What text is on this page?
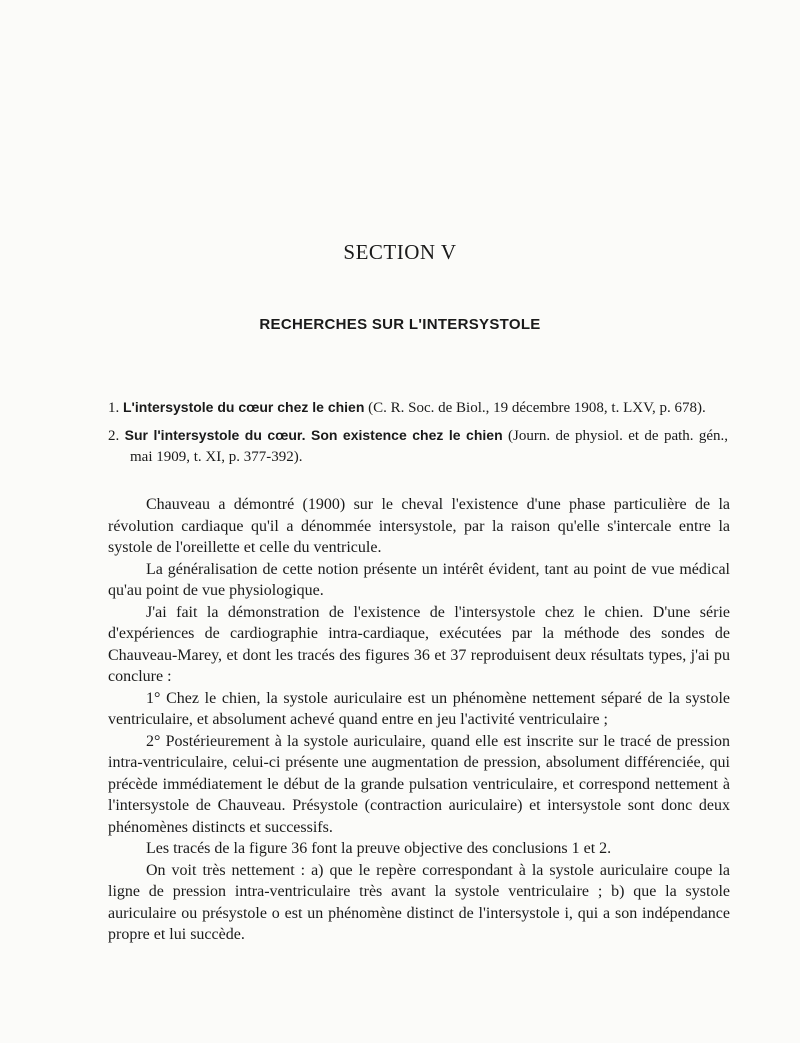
SECTION V
RECHERCHES SUR L'INTERSYSTOLE
1. L'intersystole du cœur chez le chien (C. R. Soc. de Biol., 19 décembre 1908, t. LXV, p. 678).
2. Sur l'intersystole du cœur. Son existence chez le chien (Journ. de physiol. et de path. gén., mai 1909, t. XI, p. 377-392).

Chauveau a démontré (1900) sur le cheval l'existence d'une phase particulière de la révolution cardiaque qu'il a dénommée intersystole, par la raison qu'elle s'intercale entre la systole de l'oreillette et celle du ventricule.

La généralisation de cette notion présente un intérêt évident, tant au point de vue médical qu'au point de vue physiologique.

J'ai fait la démonstration de l'existence de l'intersystole chez le chien. D'une série d'expériences de cardiographie intra-cardiaque, exécutées par la méthode des sondes de Chauveau-Marey, et dont les tracés des figures 36 et 37 reproduisent deux résultats types, j'ai pu conclure :

1° Chez le chien, la systole auriculaire est un phénomène nettement séparé de la systole ventriculaire, et absolument achevé quand entre en jeu l'activité ventriculaire ;

2° Postérieurement à la systole auriculaire, quand elle est inscrite sur le tracé de pression intra-ventriculaire, celui-ci présente une augmentation de pression, absolument différenciée, qui précède immédiatement le début de la grande pulsation ventriculaire, et correspond nettement à l'intersystole de Chauveau. Présystole (contraction auriculaire) et intersystole sont donc deux phénomènes distincts et successifs.

Les tracés de la figure 36 font la preuve objective des conclusions 1 et 2.

On voit très nettement : a) que le repère correspondant à la systole auriculaire coupe la ligne de pression intra-ventriculaire très avant la systole ventriculaire ; b) que la systole auriculaire ou présystole o est un phénomène distinct de l'intersystole i, qui a son indépendance propre et lui succède.
